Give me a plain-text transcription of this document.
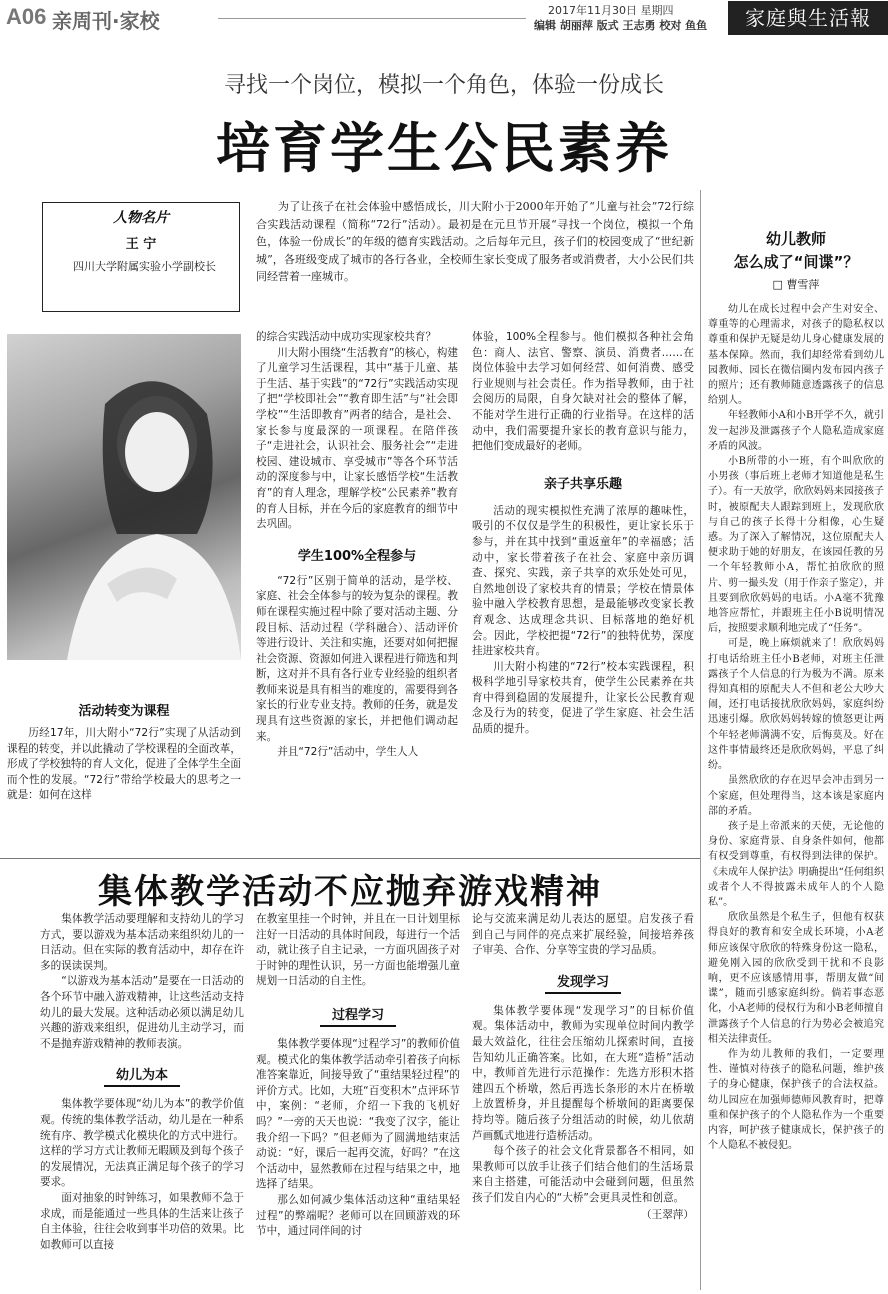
A06 亲周刊·家校	2017年11月30日 星期四
编辑 胡丽萍 版式 王志勇 校对 鱼鱼	家庭與生活報
寻找一个岗位，模拟一个角色，体验一份成长
培育学生公民素养
人物名片
王 宁

四川大学附属实验小学副校长

为了让孩子在社会体验中感悟成长，川大附小于2000年开始了“儿童与社会”72行综合实践活动课程（简称“72行”活动）。最初是在元旦节开展“寻找一个岗位，模拟一个角色，体验一份成长”的年级的德育实践活动。之后每年元旦，孩子们的校园变成了“世纪新城”，各班级变成了城市的各行各业，全校师生家长变成了服务者或消费者，大小公民们共同经营着一座城市。

活动转变为课程

历经17年，川大附小“72行”实现了从活动到课程的转变，并以此撬动了学校课程的全面改革，形成了学校独特的育人文化，促进了全体学生全面而个性的发展。“72行”带给学校最大的思考之一就是：如何在这样

的综合实践活动中成功实现家校共育？

川大附小围绕“生活教育”的核心，构建了儿童学习生活课程，其中“基于儿童、基于生活、基于实践”的“72行”实践活动实现了把“学校即社会”“教育即生活”与“社会即学校”“生活即教育”两者的结合，是社会、家长参与度最深的一项课程。在陪伴孩子“走进社会，认识社会、服务社会”“走进校园、建设城市、享受城市”等各个环节活动的深度参与中，让家长感悟学校“生活教育”的育人理念，理解学校“公民素养”教育的育人目标，并在今后的家庭教育的细节中去巩固。

学生100%全程参与

“72行”区别于简单的活动，是学校、家庭、社会全体参与的较为复杂的课程。教师在课程实施过程中除了要对活动主题、分段目标、活动过程（学科融合）、活动评价等进行设计、关注和实施，还要对如何把握社会资源、资源如何进入课程进行筛选和判断，这对并不具有各行业专业经验的组织者教师来说是具有相当的难度的，需要得到各家长的行业专业支持。教师的任务，就是发现具有这些资源的家长，并把他们调动起来。

并且“72行”活动中，学生人人

体验，100%全程参与。他们模拟各种社会角色：商人、法官、警察、演员、消费者……在岗位体验中去学习如何经营、如何消费、感受行业规则与社会责任。作为指导教师，由于社会阅历的局限，自身欠缺对社会的整体了解，不能对学生进行正确的行业指导。在这样的活动中，我们需要提升家长的教育意识与能力，把他们变成最好的老师。

亲子共享乐趣

活动的现实模拟性充满了浓厚的趣味性，吸引的不仅仅是学生的积极性，更让家长乐于参与，并在其中找到“重返童年”的幸福感；活动中，家长带着孩子在社会、家庭中亲历调查、探究、实践，亲子共享的欢乐处处可见，自然地创设了家校共育的情景；学校在情景体验中融入学校教育思想，是最能够改变家长教育观念、达成理念共识、目标落地的绝好机会。因此，学校把提“72行”的独特优势，深度挂进家校共育。

川大附小构建的“72行”校本实践课程，积极科学地引导家校共育，使学生公民素养在共育中得到稳固的发展提升，让家长公民教育观念及行为的转变，促进了学生家庭、社会生活品质的提升。

幼儿教师
怎么成了“间谍”？
□ 曹雪萍

幼儿在成长过程中会产生对安全、尊重等的心理需求，对孩子的隐私权以尊重和保护无疑是幼儿身心健康发展的基本保障。然而，我们却经常看到幼儿园教师、园长在微信圈内发布园内孩子的照片；还有教师随意透露孩子的信息给别人。

年轻教师小A和小B开学不久，就引发一起涉及泄露孩子个人隐私造成家庭矛盾的风波。

小B所带的小一班，有个叫欣欣的小男孩（事后班上老师才知道他是私生子）。有一天放学，欣欣妈妈来园接孩子时，被原配夫人跟踪到班上，发现欣欣与自己的孩子长得十分相像，心生疑惑。为了深入了解情况，这位原配夫人便求助于她的好朋友，在该园任教的另一个年轻教师小A，帮忙拍欣欣的照片、剪一撮头发（用于作亲子鉴定），并且要到欣欣妈妈的电话。小A毫不犹豫地答应帮忙，并跟班主任小B说明情况后，按照要求顺利地完成了“任务”。

可是，晚上麻烦就来了！欣欣妈妈打电话给班主任小B老师，对班主任泄露孩子个人信息的行为极为不满。原来得知真相的原配夫人不但和老公大吵大闹，还打电话接扰欣欣妈妈，家庭纠纷迅速引爆。欣欣妈妈转嫁的愤怒更让两个年轻老师满满不安，后悔莫及。好在这件事情最终还是欣欣妈妈，平息了纠纷。

虽然欣欣的存在迟早会冲击到另一个家庭，但处理得当，这本该是家庭内部的矛盾。

孩子是上帝派来的天使，无论他的身份、家庭背景、自身条件如何，他都有权受到尊重，有权得到法律的保护。《未成年人保护法》明确提出“任何组织或者个人不得披露未成年人的个人隐私”。

欣欣虽然是个私生子，但他有权获得良好的教育和安全成长环境，小A老师应该保守欣欣的特殊身份这一隐私，避免刚入园的欣欣受到干扰和不良影响，更不应该感情用事，帮朋友做“间谍”，随而引感家庭纠纷。倘若事态恶化，小A老师的侵权行为和小B老师擅自泄露孩子个人信息的行为势必会被追究相关法律责任。

作为幼儿教师的我们，一定要理性、谨慎对待孩子的隐私问题，维护孩子的身心健康，保护孩子的合法权益。幼儿园应在加强师德师风教育时，把尊重和保护孩子的个人隐私作为一个重要内容，呵护孩子健康成长，保护孩子的个人隐私不被侵犯。

集体教学活动不应抛弃游戏精神

集体教学活动要理解和支持幼儿的学习方式，要以游戏为基本活动来组织幼儿的一日活动。但在实际的教育活动中，却存在许多的误读误判。

“以游戏为基本活动”是要在一日活动的各个环节中融入游戏精神，让这些活动支持幼儿的最大发展。这种活动必须以满足幼儿兴趣的游戏来组织，促进幼儿主动学习，而不是抛弃游戏精神的教师表演。

幼儿为本

集体教学要体现“幼儿为本”的教学价值观。传统的集体教学活动，幼儿是在一种系统有序、教学模式化模块化的方式中进行。这样的学习方式让教师无暇顾及到每个孩子的发展情况，无法真正满足每个孩子的学习要求。

面对抽象的时钟练习，如果教师不急于求成，而是能通过一些具体的生活来让孩子自主体验，往往会收到事半功倍的效果。比如教师可以直接

在教室里挂一个时钟，并且在一日计划里标注好一日活动的具体时间段，每进行一个活动，就让孩子自主记录，一方面巩固孩子对于时钟的理性认识，另一方面也能增强儿童规划一日活动的自主性。

过程学习

集体教学要体现“过程学习”的教师价值观。模式化的集体教学活动牵引着孩子向标准答案靠近，间接导致了“重结果轻过程”的评价方式。比如，大班“百变积木”点评环节中，案例：“老师，介绍一下我的飞机好吗？”一旁的天天也说：“我变了汉字，能让我介绍一下吗？”但老师为了圆满地结束活动说：“好，课后一起再交流，好吗？”在这个活动中，显然教师在过程与结果之中，地选择了结果。

那么如何减少集体活动这种“重结果轻过程”的弊端呢？老师可以在回顾游戏的环节中，通过同伴间的讨

论与交流来满足幼儿表达的愿望。启发孩子看到自己与同伴的亮点来扩展经验，间接培养孩子审美、合作、分享等宝贵的学习品质。

发现学习

集体教学要体现“发现学习”的目标价值观。集体活动中，教师为实现单位时间内教学最大效益化，往往会压缩幼儿探索时间，直接告知幼儿正确答案。比如，在大班“造桥”活动中，教师首先进行示范操作：先选方形积木搭建四五个桥墩，然后再选长条形的木片在桥墩上放置桥身，并且提醒每个桥墩间的距离要保持均等。随后孩子分组活动的时候，幼儿依葫芦画瓢式地进行造桥活动。

每个孩子的社会文化背景都各不相同，如果教师可以放手让孩子们结合他们的生活场景来自主搭建，可能活动中会碰到问题，但虽然孩子们发自内心的“大桥”会更具灵性和创意。

（王翠萍）
